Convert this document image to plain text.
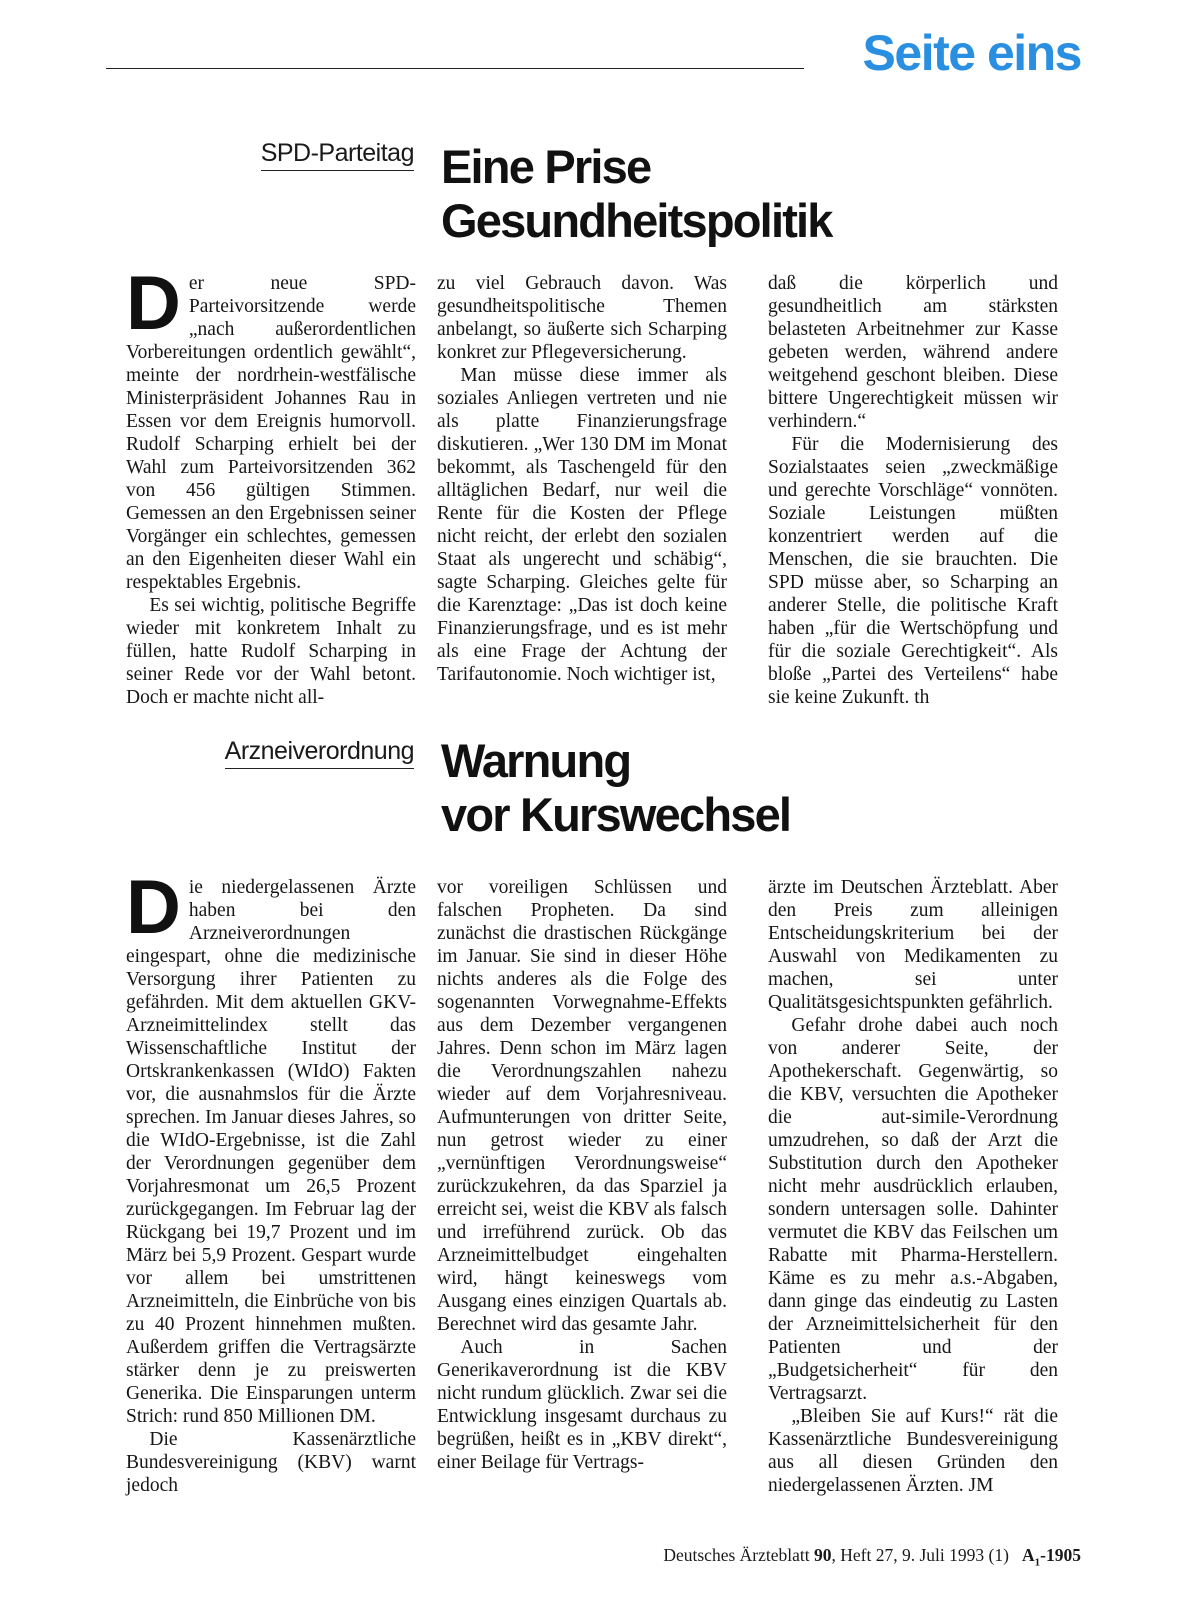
Seite eins
SPD-Parteitag Eine Prise
Gesundheitspolitik
D er neue SPD-Parteivorsitzende werde „nach außerordentlichen Vorbereitungen ordentlich gewählt“, meinte der nordrhein-westfälische Ministerpräsident Johannes Rau in Essen vor dem Ereignis humorvoll. Rudolf Scharping erhielt bei der Wahl zum Parteivorsitzenden 362 von 456 gültigen Stimmen. Gemessen an den Ergebnissen seiner Vorgänger ein schlechtes, gemessen an den Eigenheiten dieser Wahl ein respektables Ergebnis.

Es sei wichtig, politische Begriffe wieder mit konkretem Inhalt zu füllen, hatte Rudolf Scharping in seiner Rede vor der Wahl betont. Doch er machte nicht all-

zu viel Gebrauch davon. Was gesundheitspolitische Themen anbelangt, so äußerte sich Scharping konkret zur Pflegeversicherung.

Man müsse diese immer als soziales Anliegen vertreten und nie als platte Finanzierungsfrage diskutieren. „Wer 130 DM im Monat bekommt, als Taschengeld für den alltäglichen Bedarf, nur weil die Rente für die Kosten der Pflege nicht reicht, der erlebt den sozialen Staat als ungerecht und schäbig“, sagte Scharping. Gleiches gelte für die Karenztage: „Das ist doch keine Finanzierungsfrage, und es ist mehr als eine Frage der Achtung der Tarifautonomie. Noch wichtiger ist,

daß die körperlich und gesundheitlich am stärksten belasteten Arbeitnehmer zur Kasse gebeten werden, während andere weitgehend geschont bleiben. Diese bittere Ungerechtigkeit müssen wir verhindern.“

Für die Modernisierung des Sozialstaates seien „zweckmäßige und gerechte Vorschläge“ vonnöten. Soziale Leistungen müßten konzentriert werden auf die Menschen, die sie brauchten. Die SPD müsse aber, so Scharping an anderer Stelle, die politische Kraft haben „für die Wertschöpfung und für die soziale Gerechtigkeit“. Als bloße „Partei des Verteilens“ habe sie keine Zukunft. th

Arzneiverordnung Warnung
vor Kurswechsel
D ie niedergelassenen Ärzte haben bei den Arzneiverordnungen eingespart, ohne die medizinische Versorgung ihrer Patienten zu gefährden. Mit dem aktuellen GKV-Arzneimittelindex stellt das Wissenschaftliche Institut der Ortskrankenkassen (WIdO) Fakten vor, die ausnahmslos für die Ärzte sprechen. Im Januar dieses Jahres, so die WIdO-Ergebnisse, ist die Zahl der Verordnungen gegenüber dem Vorjahresmonat um 26,5 Prozent zurückgegangen. Im Februar lag der Rückgang bei 19,7 Prozent und im März bei 5,9 Prozent. Gespart wurde vor allem bei umstrittenen Arzneimitteln, die Einbrüche von bis zu 40 Prozent hinnehmen mußten. Außerdem griffen die Vertragsärzte stärker denn je zu preiswerten Generika. Die Einsparungen unterm Strich: rund 850 Millionen DM.

Die Kassenärztliche Bundesvereinigung (KBV) warnt jedoch

vor voreiligen Schlüssen und falschen Propheten. Da sind zunächst die drastischen Rückgänge im Januar. Sie sind in dieser Höhe nichts anderes als die Folge des sogenannten Vorwegnahme-Effekts aus dem Dezember vergangenen Jahres. Denn schon im März lagen die Verordnungszahlen nahezu wieder auf dem Vorjahresniveau. Aufmunterungen von dritter Seite, nun getrost wieder zu einer „vernünftigen Verordnungsweise“ zurückzukehren, da das Sparziel ja erreicht sei, weist die KBV als falsch und irreführend zurück. Ob das Arzneimittelbudget eingehalten wird, hängt keineswegs vom Ausgang eines einzigen Quartals ab. Berechnet wird das gesamte Jahr.

Auch in Sachen Generikaverordnung ist die KBV nicht rundum glücklich. Zwar sei die Entwicklung insgesamt durchaus zu begrüßen, heißt es in „KBV direkt“, einer Beilage für Vertrags-

ärzte im Deutschen Ärzteblatt. Aber den Preis zum alleinigen Entscheidungskriterium bei der Auswahl von Medikamenten zu machen, sei unter Qualitätsgesichtspunkten gefährlich.

Gefahr drohe dabei auch noch von anderer Seite, der Apothekerschaft. Gegenwärtig, so die KBV, versuchten die Apotheker die aut-simile-Verordnung umzudrehen, so daß der Arzt die Substitution durch den Apotheker nicht mehr ausdrücklich erlauben, sondern untersagen solle. Dahinter vermutet die KBV das Feilschen um Rabatte mit Pharma-Herstellern. Käme es zu mehr a.s.-Abgaben, dann ginge das eindeutig zu Lasten der Arzneimittelsicherheit für den Patienten und der „Budgetsicherheit“ für den Vertragsarzt.

„Bleiben Sie auf Kurs!“ rät die Kassenärztliche Bundesvereinigung aus all diesen Gründen den niedergelassenen Ärzten. JM

Deutsches Ärzteblatt 90, Heft 27, 9. Juli 1993 (1) $A_1-1905$
